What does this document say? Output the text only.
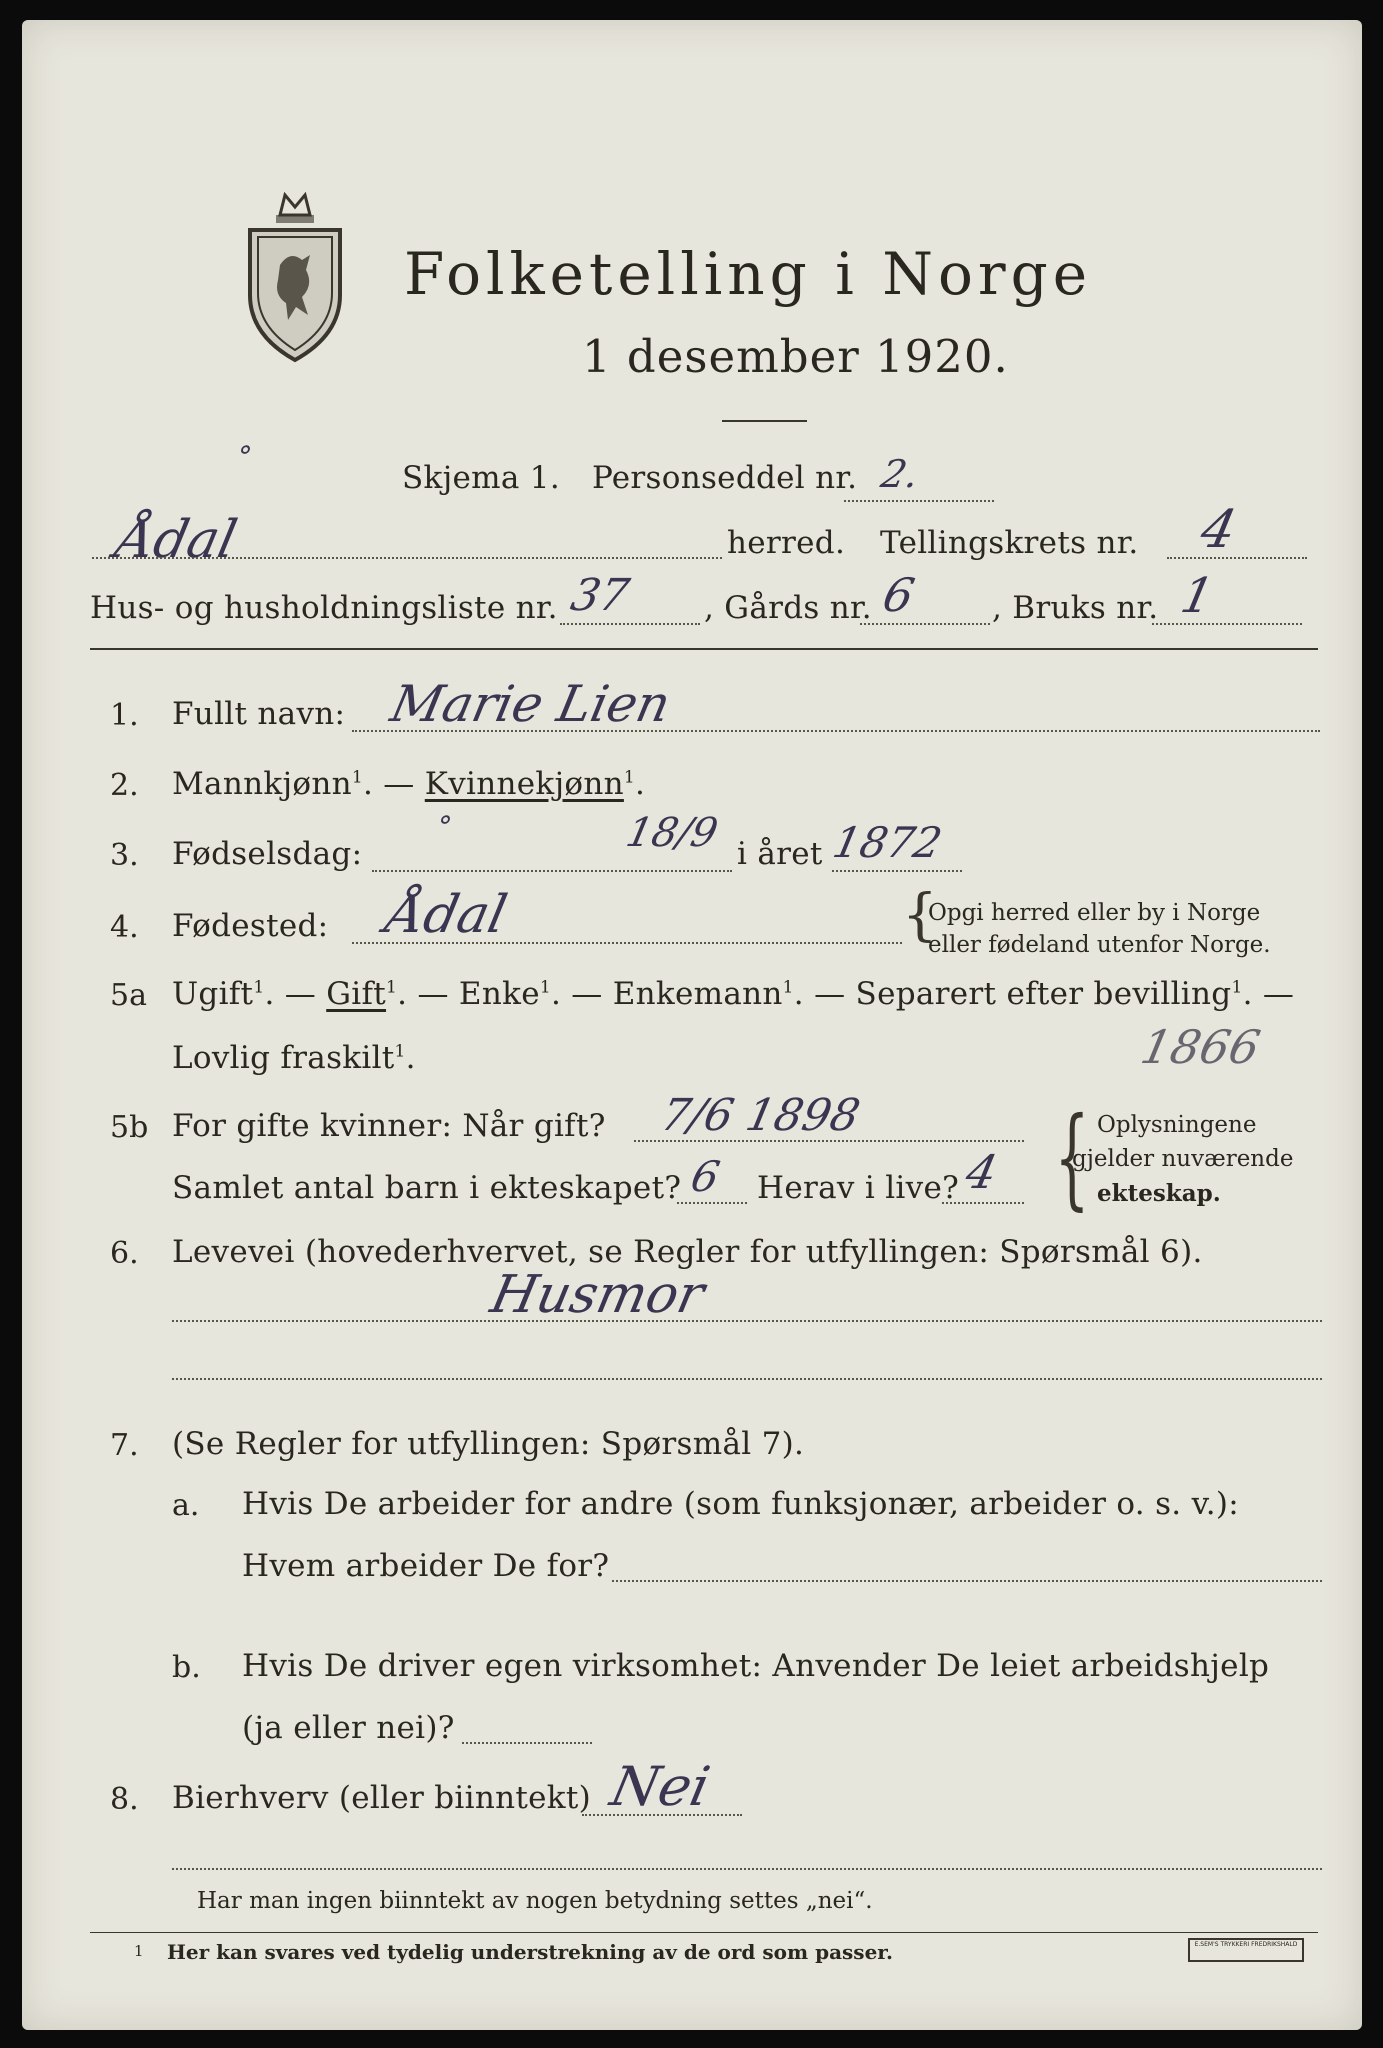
Folketelling i Norge
1 desember 1920.
Skjema 1. Personseddel nr. 2.
°
Ådal	herred. Tellingskrets nr. 4
Hus- og husholdningsliste nr. 37 , Gårds nr. 6 , Bruks nr. 1
1. Fullt navn: Marie Lien
2. Mannkjønn$^1$. — Kvinnekjønn$^1$.
3. Fødselsdag:
°	18/9 i året 1872
4. Fødested: Ådal	{
Opgi herred eller by i Norge
eller fødeland utenfor Norge.
5a Ugift$^1$. — Gift$^1$. — Enke$^1$. — Enkemann$^1$. — Separert efter bevilling$^1$. —
Lovlig fraskilt$^1$.	1866
5b For gifte kvinner: Når gift? 7/6 1898
Samlet antal barn i ekteskapet? 6 Herav i live? 4 { Oplysningene
gjelder nuværende
ekteskap.
6. Levevei (hovederhvervet, se Regler for utfyllingen: Spørsmål 6).
Husmor
7. (Se Regler for utfyllingen: Spørsmål 7).
a. Hvis De arbeider for andre (som funksjonær, arbeider o. s. v.):
Hvem arbeider De for?
b. Hvis De driver egen virksomhet: Anvender De leiet arbeidshjelp
(ja eller nei)?
8. Bierhverv (eller biinntekt) Nei
Har man ingen biinntekt av nogen betydning settes „nei“.
1 Her kan svares ved tydelig understrekning av de ord som passer.	E.SEM'S TRYKKERI FREDRIKSHALD
